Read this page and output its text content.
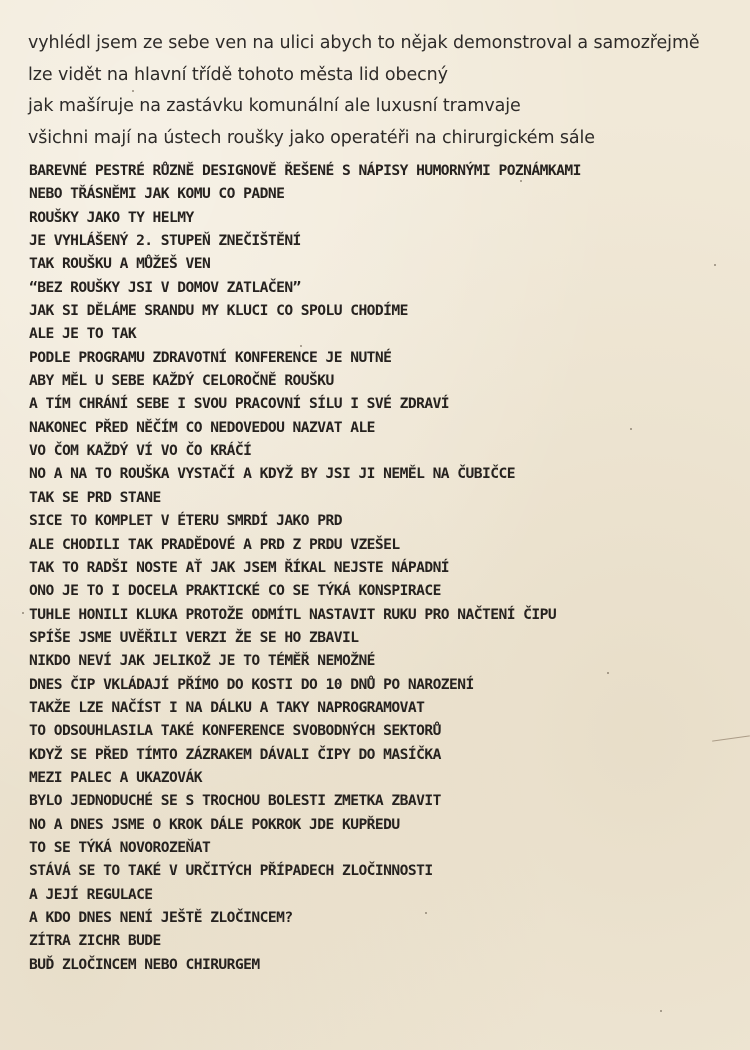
vyhlédl jsem ze sebe ven na ulici abych to nějak demonstroval a samozřejmě
lze vidět na hlavní třídě tohoto města lid obecný
jak mašíruje na zastávku komunální ale luxusní tramvaje
všichni mají na ústech roušky jako operatéři na chirurgickém sále
BAREVNÉ PESTRÉ RŮZNĚ DESIGNOVĚ ŘEŠENÉ S NÁPISY HUMORNÝMI POZNÁMKAMI
NEBO TŘÁSNĚMI JAK KOMU CO PADNE
ROUŠKY JAKO TY HELMY
JE VYHLÁŠENÝ 2. STUPEŇ ZNEČIŠTĚNÍ
TAK ROUŠKU A MŮŽEŠ VEN
“BEZ ROUŠKY JSI V DOMOV ZATLAČEN”
JAK SI DĚLÁME SRANDU MY KLUCI CO SPOLU CHODÍME
ALE JE TO TAK
PODLE PROGRAMU ZDRAVOTNÍ KONFERENCE JE NUTNÉ
ABY MĚL U SEBE KAŽDÝ CELOROČNĚ ROUŠKU
A TÍM CHRÁNÍ SEBE I SVOU PRACOVNÍ SÍLU I SVÉ ZDRAVÍ
NAKONEC PŘED NĚČÍM CO NEDOVEDOU NAZVAT ALE
VO ČOM KAŽDÝ VÍ VO ČO KRÁČÍ
NO A NA TO ROUŠKA VYSTAČÍ A KDYŽ BY JSI JI NEMĚL NA ČUBIČCE
TAK SE PRD STANE
SICE TO KOMPLET V ÉTERU SMRDÍ JAKO PRD
ALE CHODILI TAK PRADĚDOVÉ A PRD Z PRDU VZEŠEL
TAK TO RADŠI NOSTE AŤ JAK JSEM ŘÍKAL NEJSTE NÁPADNÍ
ONO JE TO I DOCELA PRAKTICKÉ CO SE TÝKÁ KONSPIRACE
TUHLE HONILI KLUKA PROTOŽE ODMÍTL NASTAVIT RUKU PRO NAČTENÍ ČIPU
SPÍŠE JSME UVĚŘILI VERZI ŽE SE HO ZBAVIL
NIKDO NEVÍ JAK JELIKOŽ JE TO TÉMĚŘ NEMOŽNÉ
DNES ČIP VKLÁDAJÍ PŘÍMO DO KOSTI DO 10 DNŮ PO NAROZENÍ
TAKŽE LZE NAČÍST I NA DÁLKU A TAKY NAPROGRAMOVAT
TO ODSOUHLASILA TAKÉ KONFERENCE SVOBODNÝCH SEKTORŮ
KDYŽ SE PŘED TÍMTO ZÁZRAKEM DÁVALI ČIPY DO MASÍČKA
MEZI PALEC A UKAZOVÁK
BYLO JEDNODUCHÉ SE S TROCHOU BOLESTI ZMETKA ZBAVIT
NO A DNES JSME O KROK DÁLE POKROK JDE KUPŘEDU
TO SE TÝKÁ NOVOROZEŇAT
STÁVÁ SE TO TAKÉ V URČITÝCH PŘÍPADECH ZLOČINNOSTI
A JEJÍ REGULACE
A KDO DNES NENÍ JEŠTĚ ZLOČINCEM?
ZÍTRA ZICHR BUDE
BUĎ ZLOČINCEM NEBO CHIRURGEM
